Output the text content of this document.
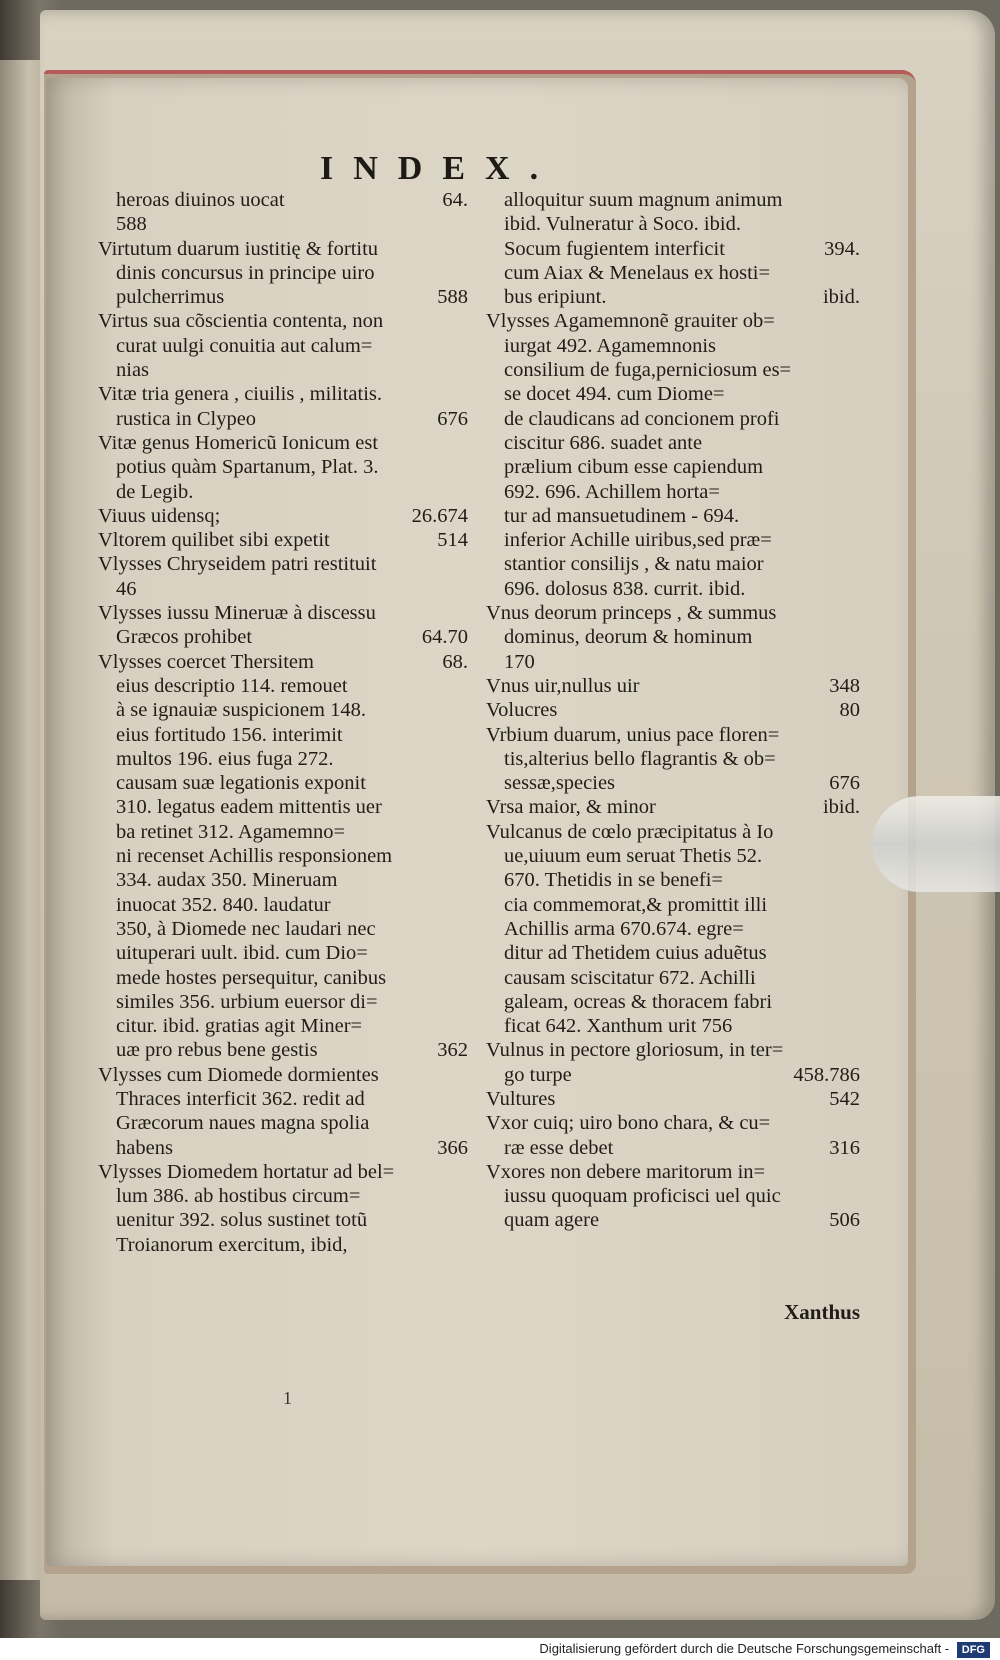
INDEX.
heroas diuinos uocat	64.
588
Virtutum duarum iustitię & fortitu
dinis concursus in principe uiro
pulcherrimus	588
Virtus sua cõscientia contenta, non
curat uulgi conuitia aut calum=
nias
Vitæ tria genera , ciuilis , militatis.
rustica in Clypeo	676
Vitæ genus Homericũ Ionicum est
potius quàm Spartanum, Plat. 3.
de Legib.
Viuus uidensq;	26.674
Vltorem quilibet sibi expetit	514
Vlysses Chryseidem patri restituit
46
Vlysses iussu Mineruæ à discessu
Græcos prohibet	64.70
Vlysses coercet Thersitem	68.
eius descriptio 114. remouet
à se ignauiæ suspicionem 148.
eius fortitudo 156. interimit
multos 196. eius fuga 272.
causam suæ legationis exponit
310. legatus eadem mittentis uer
ba retinet 312. Agamemno=
ni recenset Achillis responsionem
334. audax 350. Mineruam
inuocat 352. 840. laudatur
350, à Diomede nec laudari nec
uituperari uult. ibid. cum Dio=
mede hostes persequitur, canibus
similes 356. urbium euersor di=
citur. ibid. gratias agit Miner=
uæ pro rebus bene gestis	362
Vlysses cum Diomede dormientes
Thraces interficit 362. redit ad
Græcorum naues magna spolia
habens	366
Vlysses Diomedem hortatur ad bel=
lum 386. ab hostibus circum=
uenitur 392. solus sustinet totũ
Troianorum exercitum, ibid,
alloquitur suum magnum animum
ibid. Vulneratur à Soco. ibid.
Socum fugientem interficit	394.
cum Aiax & Menelaus ex hosti=
bus eripiunt.	ibid.
Vlysses Agamemnonẽ grauiter ob=
iurgat 492. Agamemnonis
consilium de fuga,perniciosum es=
se docet 494. cum Diome=
de claudicans ad concionem profi
ciscitur 686. suadet ante
prælium cibum esse capiendum
692. 696. Achillem horta=
tur ad mansuetudinem - 694.
inferior Achille uiribus,sed præ=
stantior consilijs , & natu maior
696. dolosus 838. currit. ibid.
Vnus deorum princeps , & summus
dominus, deorum & hominum
170
Vnus uir,nullus uir	348
Volucres	80
Vrbium duarum, unius pace floren=
tis,alterius bello flagrantis & ob=
sessæ,species	676
Vrsa maior, & minor	ibid.
Vulcanus de cœlo præcipitatus à Io
ue,uiuum eum seruat Thetis 52.
670. Thetidis in se benefi=
cia commemorat,& promittit illi
Achillis arma 670.674. egre=
ditur ad Thetidem cuius aduẽtus
causam sciscitatur 672. Achilli
galeam, ocreas & thoracem fabri
ficat 642. Xanthum urit 756
Vulnus in pectore gloriosum, in ter=
go turpe	458.786
Vultures	542
Vxor cuiq; uiro bono chara, & cu=
ræ esse debet	316
Vxores non debere maritorum in=
iussu quoquam proficisci uel quic
quam agere	506
Xanthus
1
Digitalisierung gefördert durch die Deutsche Forschungsgemeinschaft - DFG
